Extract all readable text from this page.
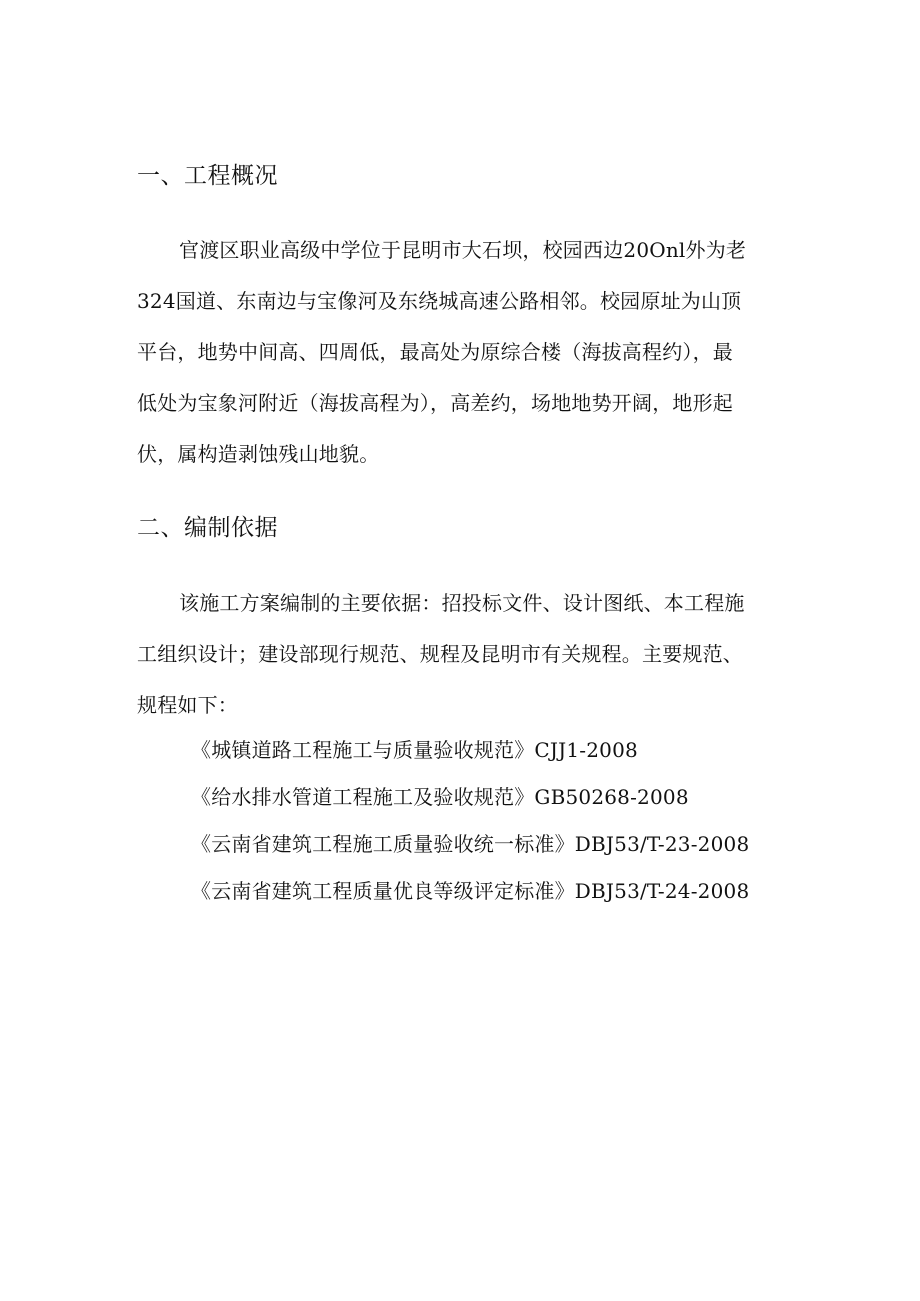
一、工程概况
官渡区职业高级中学位于昆明市大石坝，校园西边20Onl外为老
324国道、东南边与宝像河及东绕城高速公路相邻。校园原址为山顶
平台，地势中间高、四周低，最高处为原综合楼（海拔高程约），最
低处为宝象河附近（海拔高程为），高差约，场地地势开阔，地形起
伏，属构造剥蚀残山地貌。
二、编制依据
该施工方案编制的主要依据：招投标文件、设计图纸、本工程施
工组织设计；建设部现行规范、规程及昆明市有关规程。主要规范、
规程如下：
《城镇道路工程施工与质量验收规范》CJJ1-2008
《给水排水管道工程施工及验收规范》GB50268-2008
《云南省建筑工程施工质量验收统一标准》DBJ53/T-23-2008
《云南省建筑工程质量优良等级评定标准》DBJ53/T-24-2008
